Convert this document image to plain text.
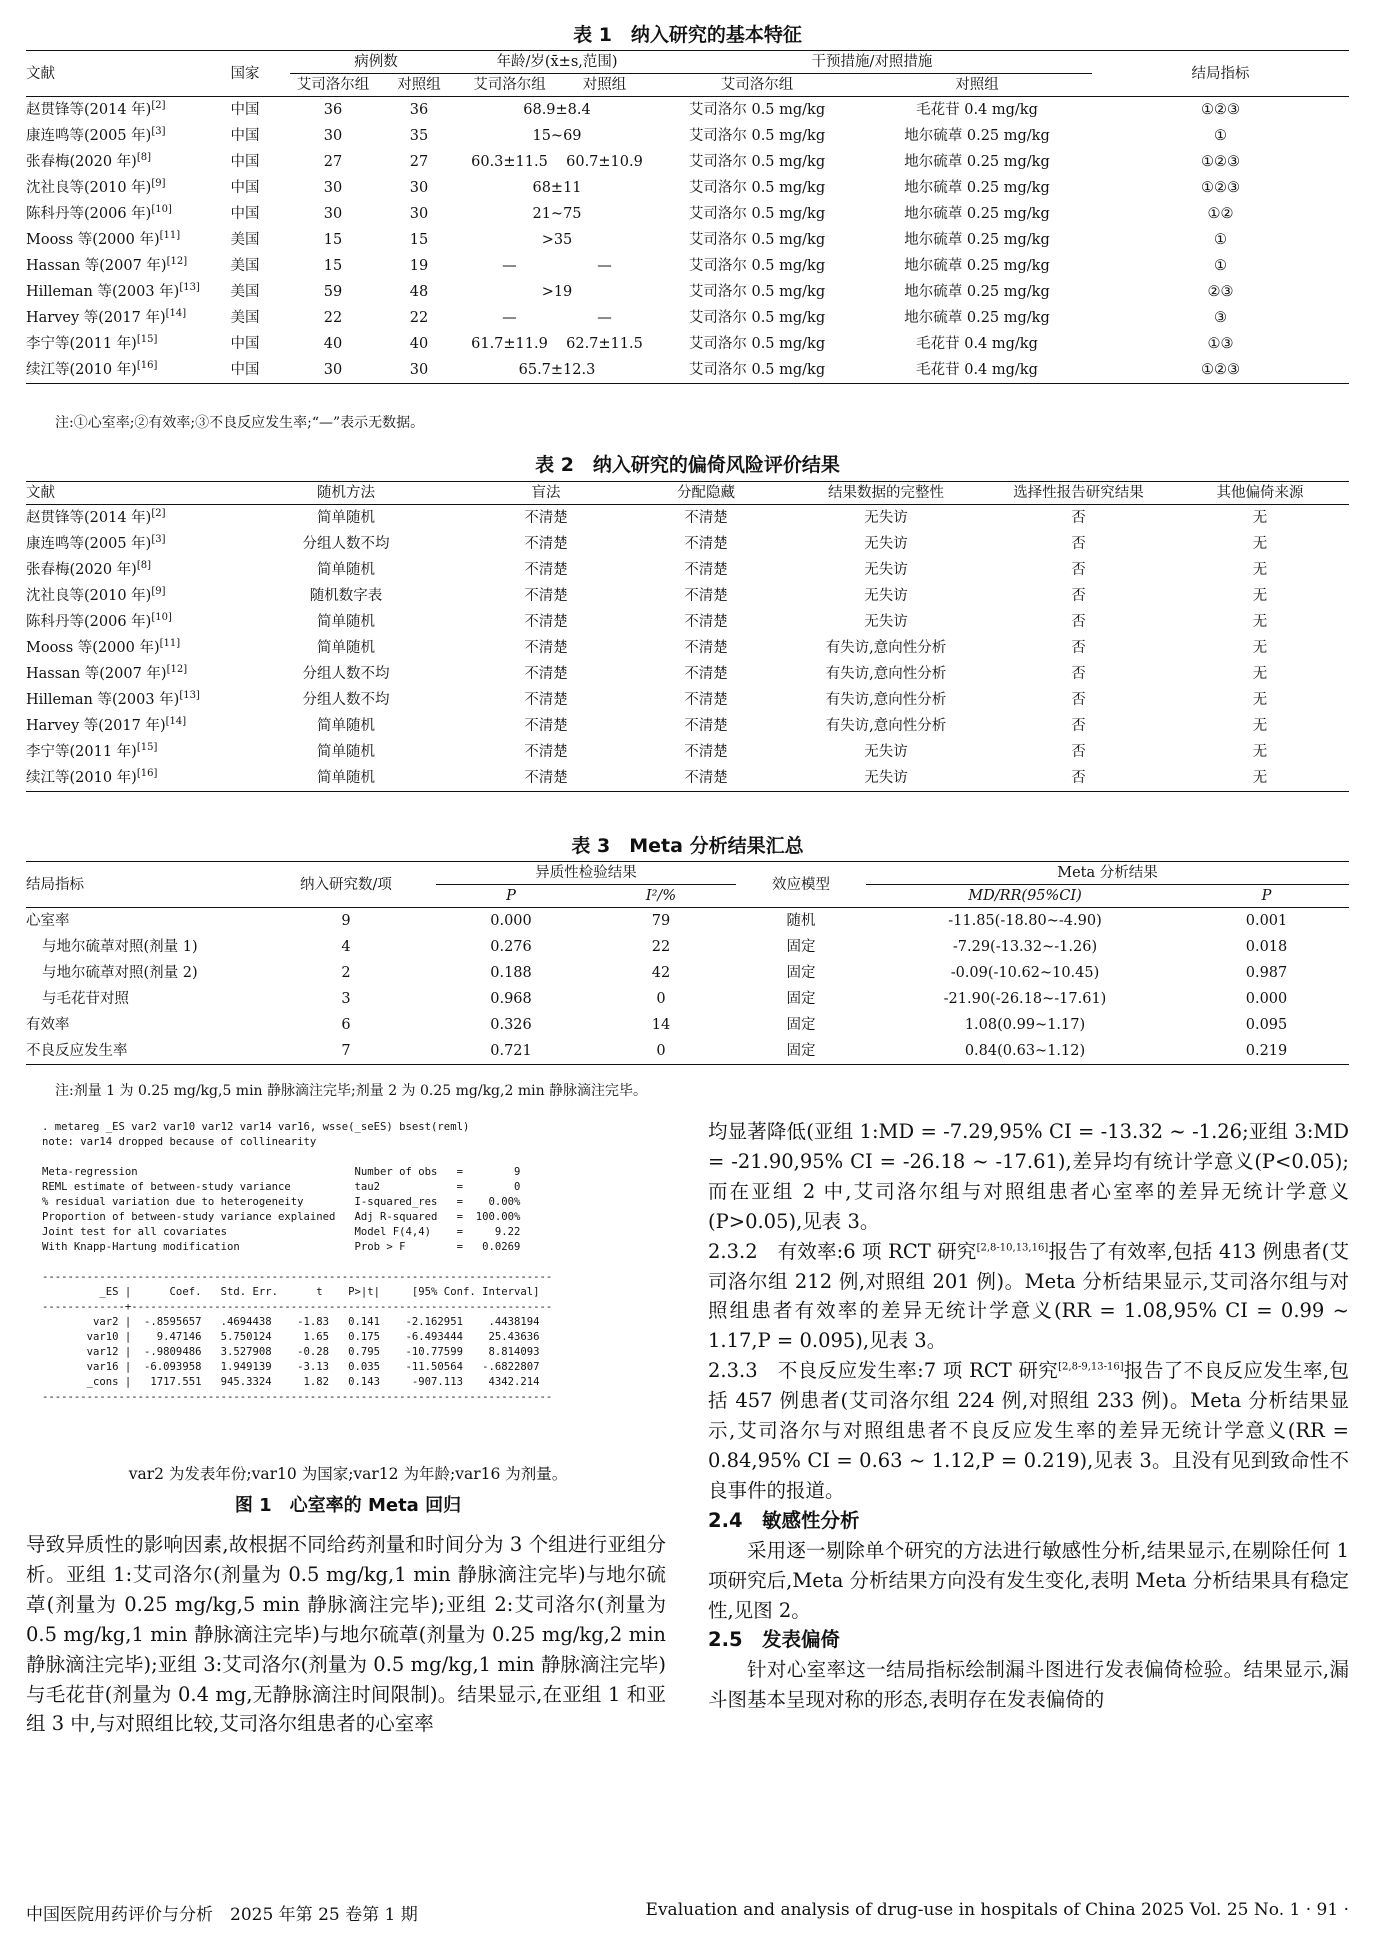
表 1　纳入研究的基本特征
文献	国家	病例数		年龄/岁(x̄±s,范围)		干预措施/对照措施		结局指标
		艾司洛尔组	对照组	艾司洛尔组	对照组	艾司洛尔组	对照组	
赵贯锋等(2014 年)[2]	中国	36	36	68.9±8.4		艾司洛尔 0.5 mg/kg	毛花苷 0.4 mg/kg	①②③
康连鸣等(2005 年)[3]	中国	30	35	15~69		艾司洛尔 0.5 mg/kg	地尔硫䓬 0.25 mg/kg	①
张春梅(2020 年)[8]	中国	27	27	60.3±11.5	60.7±10.9	艾司洛尔 0.5 mg/kg	地尔硫䓬 0.25 mg/kg	①②③
沈社良等(2010 年)[9]	中国	30	30	68±11		艾司洛尔 0.5 mg/kg	地尔硫䓬 0.25 mg/kg	①②③
陈科丹等(2006 年)[10]	中国	30	30	21~75		艾司洛尔 0.5 mg/kg	地尔硫䓬 0.25 mg/kg	①②
Mooss 等(2000 年)[11]	美国	15	15	>35		艾司洛尔 0.5 mg/kg	地尔硫䓬 0.25 mg/kg	①
Hassan 等(2007 年)[12]	美国	15	19	—	—	艾司洛尔 0.5 mg/kg	地尔硫䓬 0.25 mg/kg	①
Hilleman 等(2003 年)[13]	美国	59	48	>19		艾司洛尔 0.5 mg/kg	地尔硫䓬 0.25 mg/kg	②③
Harvey 等(2017 年)[14]	美国	22	22	—	—	艾司洛尔 0.5 mg/kg	地尔硫䓬 0.25 mg/kg	③
李宁等(2011 年)[15]	中国	40	40	61.7±11.9	62.7±11.5	艾司洛尔 0.5 mg/kg	毛花苷 0.4 mg/kg	①③
续江等(2010 年)[16]	中国	30	30	65.7±12.3		艾司洛尔 0.5 mg/kg	毛花苷 0.4 mg/kg	①②③
注:①心室率;②有效率;③不良反应发生率;“—”表示无数据。
表 2　纳入研究的偏倚风险评价结果
文献	随机方法	盲法	分配隐藏	结果数据的完整性	选择性报告研究结果	其他偏倚来源
赵贯锋等(2014 年)[2]	简单随机	不清楚	不清楚	无失访	否	无
康连鸣等(2005 年)[3]	分组人数不均	不清楚	不清楚	无失访	否	无
张春梅(2020 年)[8]	简单随机	不清楚	不清楚	无失访	否	无
沈社良等(2010 年)[9]	随机数字表	不清楚	不清楚	无失访	否	无
陈科丹等(2006 年)[10]	简单随机	不清楚	不清楚	无失访	否	无
Mooss 等(2000 年)[11]	简单随机	不清楚	不清楚	有失访,意向性分析	否	无
Hassan 等(2007 年)[12]	分组人数不均	不清楚	不清楚	有失访,意向性分析	否	无
Hilleman 等(2003 年)[13]	分组人数不均	不清楚	不清楚	有失访,意向性分析	否	无
Harvey 等(2017 年)[14]	简单随机	不清楚	不清楚	有失访,意向性分析	否	无
李宁等(2011 年)[15]	简单随机	不清楚	不清楚	无失访	否	无
续江等(2010 年)[16]	简单随机	不清楚	不清楚	无失访	否	无
表 3　Meta 分析结果汇总
结局指标	纳入研究数/项	异质性检验结果		效应模型	Meta 分析结果	
		P	I²/%		MD/RR(95%CI)	P
心室率	9	0.000	79	随机	-11.85(-18.80~-4.90)	0.001
与地尔硫䓬对照(剂量 1)	4	0.276	22	固定	-7.29(-13.32~-1.26)	0.018
与地尔硫䓬对照(剂量 2)	2	0.188	42	固定	-0.09(-10.62~10.45)	0.987
与毛花苷对照	3	0.968	0	固定	-21.90(-26.18~-17.61)	0.000
有效率	6	0.326	14	固定	1.08(0.99~1.17)	0.095
不良反应发生率	7	0.721	0	固定	0.84(0.63~1.12)	0.219
注:剂量 1 为 0.25 mg/kg,5 min 静脉滴注完毕;剂量 2 为 0.25 mg/kg,2 min 静脉滴注完毕。
. metareg _ES var2 var10 var12 var14 var16, wsse(_seES) bsest(reml)
note: var14 dropped because of collinearity

Meta-regression                                  Number of obs   =        9
REML estimate of between-study variance          tau2            =        0
% residual variation due to heterogeneity        I-squared_res   =    0.00%
Proportion of between-study variance explained   Adj R-squared   =  100.00%
Joint test for all covariates                    Model F(4,4)    =     9.22
With Knapp-Hartung modification                  Prob > F        =   0.0269

--------------------------------------------------------------------------------
_ES |      Coef.   Std. Err.      t    P>|t|     [95% Conf. Interval]
-------------+------------------------------------------------------------------
var2 |  -.8595657   .4694438    -1.83   0.141    -2.162951    .4438194
var10 |    9.47146   5.750124     1.65   0.175    -6.493444    25.43636
var12 |  -.9809486   3.527908    -0.28   0.795    -10.77599    8.814093
var16 |  -6.093958   1.949139    -3.13   0.035    -11.50564   -.6822807
_cons |   1717.551   945.3324     1.82   0.143     -907.113    4342.214
--------------------------------------------------------------------------------
var2 为发表年份;var10 为国家;var12 为年龄;var16 为剂量。
图 1　心室率的 Meta 回归

导致异质性的影响因素,故根据不同给药剂量和时间分为 3 个组进行亚组分析。亚组 1:艾司洛尔(剂量为 0.5 mg/kg,1 min 静脉滴注完毕)与地尔硫䓬(剂量为 0.25 mg/kg,5 min 静脉滴注完毕);亚组 2:艾司洛尔(剂量为 0.5 mg/kg,1 min 静脉滴注完毕)与地尔硫䓬(剂量为 0.25 mg/kg,2 min 静脉滴注完毕);亚组 3:艾司洛尔(剂量为 0.5 mg/kg,1 min 静脉滴注完毕)与毛花苷(剂量为 0.4 mg,无静脉滴注时间限制)。结果显示,在亚组 1 和亚组 3 中,与对照组比较,艾司洛尔组患者的心室率

均显著降低(亚组 1:MD = -7.29,95% CI = -13.32 ~ -1.26;亚组 3:MD = -21.90,95% CI = -26.18 ~ -17.61),差异均有统计学意义(P<0.05);而在亚组 2 中,艾司洛尔组与对照组患者心室率的差异无统计学意义(P>0.05),见表 3。

2.3.2　有效率:6 项 RCT 研究[2,8-10,13,16]报告了有效率,包括 413 例患者(艾司洛尔组 212 例,对照组 201 例)。Meta 分析结果显示,艾司洛尔组与对照组患者有效率的差异无统计学意义(RR = 1.08,95% CI = 0.99 ~ 1.17,P = 0.095),见表 3。

2.3.3　不良反应发生率:7 项 RCT 研究[2,8-9,13-16]报告了不良反应发生率,包括 457 例患者(艾司洛尔组 224 例,对照组 233 例)。Meta 分析结果显示,艾司洛尔与对照组患者不良反应发生率的差异无统计学意义(RR = 0.84,95% CI = 0.63 ~ 1.12,P = 0.219),见表 3。且没有见到致命性不良事件的报道。

2.4　敏感性分析

采用逐一剔除单个研究的方法进行敏感性分析,结果显示,在剔除任何 1 项研究后,Meta 分析结果方向没有发生变化,表明 Meta 分析结果具有稳定性,见图 2。

2.5　发表偏倚

针对心室率这一结局指标绘制漏斗图进行发表偏倚检验。结果显示,漏斗图基本呈现对称的形态,表明存在发表偏倚的

中国医院用药评价与分析　2025 年第 25 卷第 1 期	Evaluation and analysis of drug-use in hospitals of China 2025 Vol. 25 No. 1 · 91 ·
